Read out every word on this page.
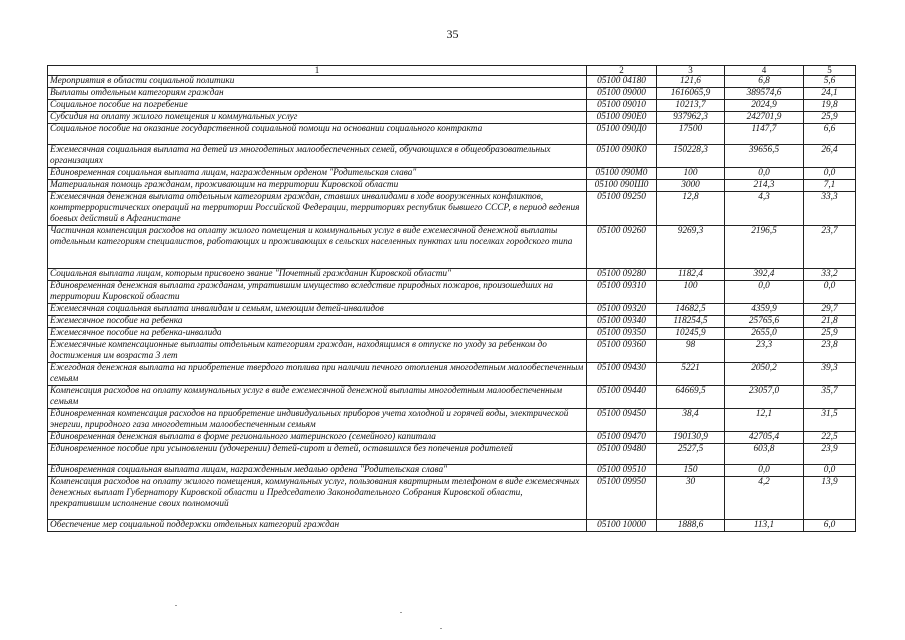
35
1	2	3	4	5
Мероприятия в области социальной политики	05100 04180	121,6	6,8	5,6
Выплаты отдельным категориям граждан	05100 09000	1616065,9	389574,6	24,1
Социальное пособие на погребение	05100 09010	10213,7	2024,9	19,8
Субсидия на оплату жилого помещения и коммунальных услуг	05100 090Е0	937962,3	242701,9	25,9
Социальное пособие на оказание государственной социальной помощи на основании социального контракта	05100 090Д0	17500	1147,7	6,6
Ежемесячная социальная выплата на детей из многодетных малообеспеченных семей, обучающихся в общеобразовательных организациях	05100 090К0	150228,3	39656,5	26,4
Единовременная социальная выплата лицам, награжденным орденом "Родительская слава"	05100 090М0	100	0,0	0,0
Материальная помощь гражданам, проживающим на территории Кировской области	05100 090Ш0	3000	214,3	7,1
Ежемесячная денежная выплата отдельным категориям граждан, ставших инвалидами в ходе вооруженных конфликтов, контртеррористических операций на территории Российской Федерации, территориях республик бывшего СССР, в период ведения боевых действий в Афганистане	05100 09250	12,8	4,3	33,3
Частичная компенсация расходов на оплату жилого помещения и коммунальных услуг в виде ежемесячной денежной выплаты отдельным категориям специалистов, работающих и проживающих в сельских населенных пунктах или поселках городского типа	05100 09260	9269,3	2196,5	23,7
Социальная выплата лицам, которым присвоено звание "Почетный гражданин Кировской области"	05100 09280	1182,4	392,4	33,2
Единовременная денежная выплата гражданам, утратившим имущество вследствие природных пожаров, произошедших на территории Кировской области	05100 09310	100	0,0	0,0
Ежемесячная социальная выплата инвалидам и семьям, имеющим детей-инвалидов	05100 09320	14682,5	4359,9	29,7
Ежемесячное пособие на ребенка	05100 09340	118254,5	25765,6	21,8
Ежемесячное пособие на ребенка-инвалида	05100 09350	10245,9	2655,0	25,9
Ежемесячные компенсационные выплаты отдельным категориям граждан, находящимся в отпуске по уходу за ребенком до достижения им возраста 3 лет	05100 09360	98	23,3	23,8
Ежегодная денежная выплата на приобретение твердого топлива при наличии печного отопления многодетным малообеспеченным семьям	05100 09430	5221	2050,2	39,3
Компенсация расходов на оплату коммунальных услуг в виде ежемесячной денежной выплаты многодетным малообеспеченным семьям	05100 09440	64669,5	23057,0	35,7
Единовременная компенсация расходов на приобретение индивидуальных приборов учета холодной и горячей воды, электрической энергии, природного газа многодетным малообеспеченным семьям	05100 09450	38,4	12,1	31,5
Единовременная денежная выплата в форме регионального материнского (семейного) капитала	05100 09470	190130,9	42705,4	22,5
Единовременное пособие при усыновлении (удочерении) детей-сирот и детей, оставшихся без попечения родителей	05100 09480	2527,5	603,8	23,9
Единовременная социальная выплата лицам, награжденным медалью ордена "Родительская слава"	05100 09510	150	0,0	0,0
Компенсация расходов на оплату жилого помещения, коммунальных услуг, пользования квартирным телефоном в виде ежемесячных денежных выплат Губернатору Кировской области и Председателю Законодательного Собрания Кировской области, прекратившим исполнение своих полномочий	05100 09950	30	4,2	13,9
Обеспечение мер социальной поддержки отдельных категорий граждан	05100 10000	1888,6	113,1	6,0
